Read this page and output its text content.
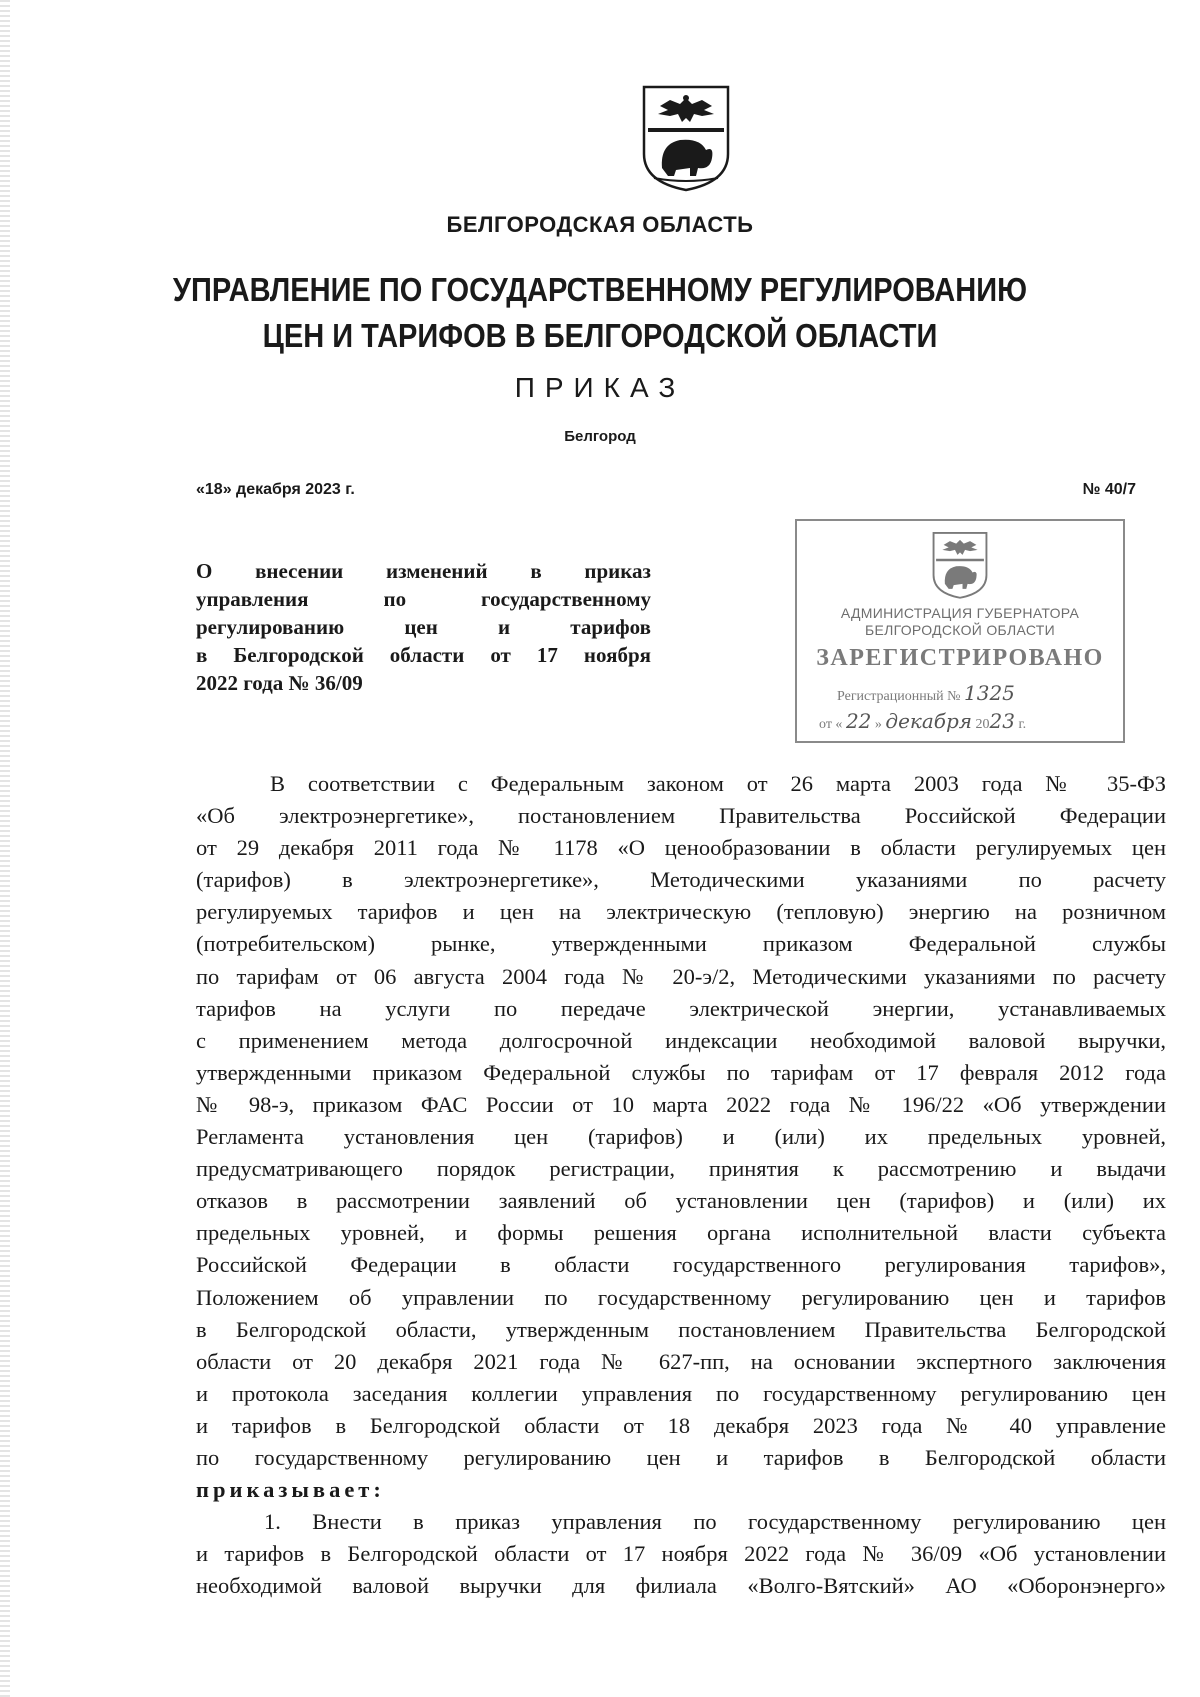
БЕЛГОРОДСКАЯ ОБЛАСТЬ
УПРАВЛЕНИЕ ПО ГОСУДАРСТВЕННОМУ РЕГУЛИРОВАНИЮ
ЦЕН И ТАРИФОВ В БЕЛГОРОДСКОЙ ОБЛАСТИ
ПРИКАЗ
Белгород
«18» декабря 2023 г.	№ 40/7
О внесении изменений в приказ
управления по государственному
регулированию цен и тарифов
в Белгородской области от 17 ноября
2022 года № 36/09
АДМИНИСТРАЦИЯ ГУБЕРНАТОРА
БЕЛГОРОДСКОЙ ОБЛАСТИ
ЗАРЕГИСТРИРОВАНО
Регистрационный № 1325
от « 22 » декабря 2023 г.

В соответствии с Федеральным законом от 26 марта 2003 года № 35-ФЗ
«Об электроэнергетике», постановлением Правительства Российской Федерации
от 29 декабря 2011 года № 1178 «О ценообразовании в области регулируемых цен
(тарифов) в электроэнергетике», Методическими указаниями по расчету
регулируемых тарифов и цен на электрическую (тепловую) энергию на розничном
(потребительском) рынке, утвержденными приказом Федеральной службы
по тарифам от 06 августа 2004 года № 20-э/2, Методическими указаниями по расчету
тарифов на услуги по передаче электрической энергии, устанавливаемых
с применением метода долгосрочной индексации необходимой валовой выручки,
утвержденными приказом Федеральной службы по тарифам от 17 февраля 2012 года
№ 98-э, приказом ФАС России от 10 марта 2022 года № 196/22 «Об утверждении
Регламента установления цен (тарифов) и (или) их предельных уровней,
предусматривающего порядок регистрации, принятия к рассмотрению и выдачи
отказов в рассмотрении заявлений об установлении цен (тарифов) и (или) их
предельных уровней, и формы решения органа исполнительной власти субъекта
Российской Федерации в области государственного регулирования тарифов»,
Положением об управлении по государственному регулированию цен и тарифов
в Белгородской области, утвержденным постановлением Правительства Белгородской
области от 20 декабря 2021 года № 627-пп, на основании экспертного заключения
и протокола заседания коллегии управления по государственному регулированию цен
и тарифов в Белгородской области от 18 декабря 2023 года № 40 управление
по государственному регулированию цен и тарифов в Белгородской области
приказывает:

1. Внести в приказ управления по государственному регулированию цен
и тарифов в Белгородской области от 17 ноября 2022 года № 36/09 «Об установлении
необходимой валовой выручки для филиала «Волго-Вятский» АО «Оборонэнерго»
